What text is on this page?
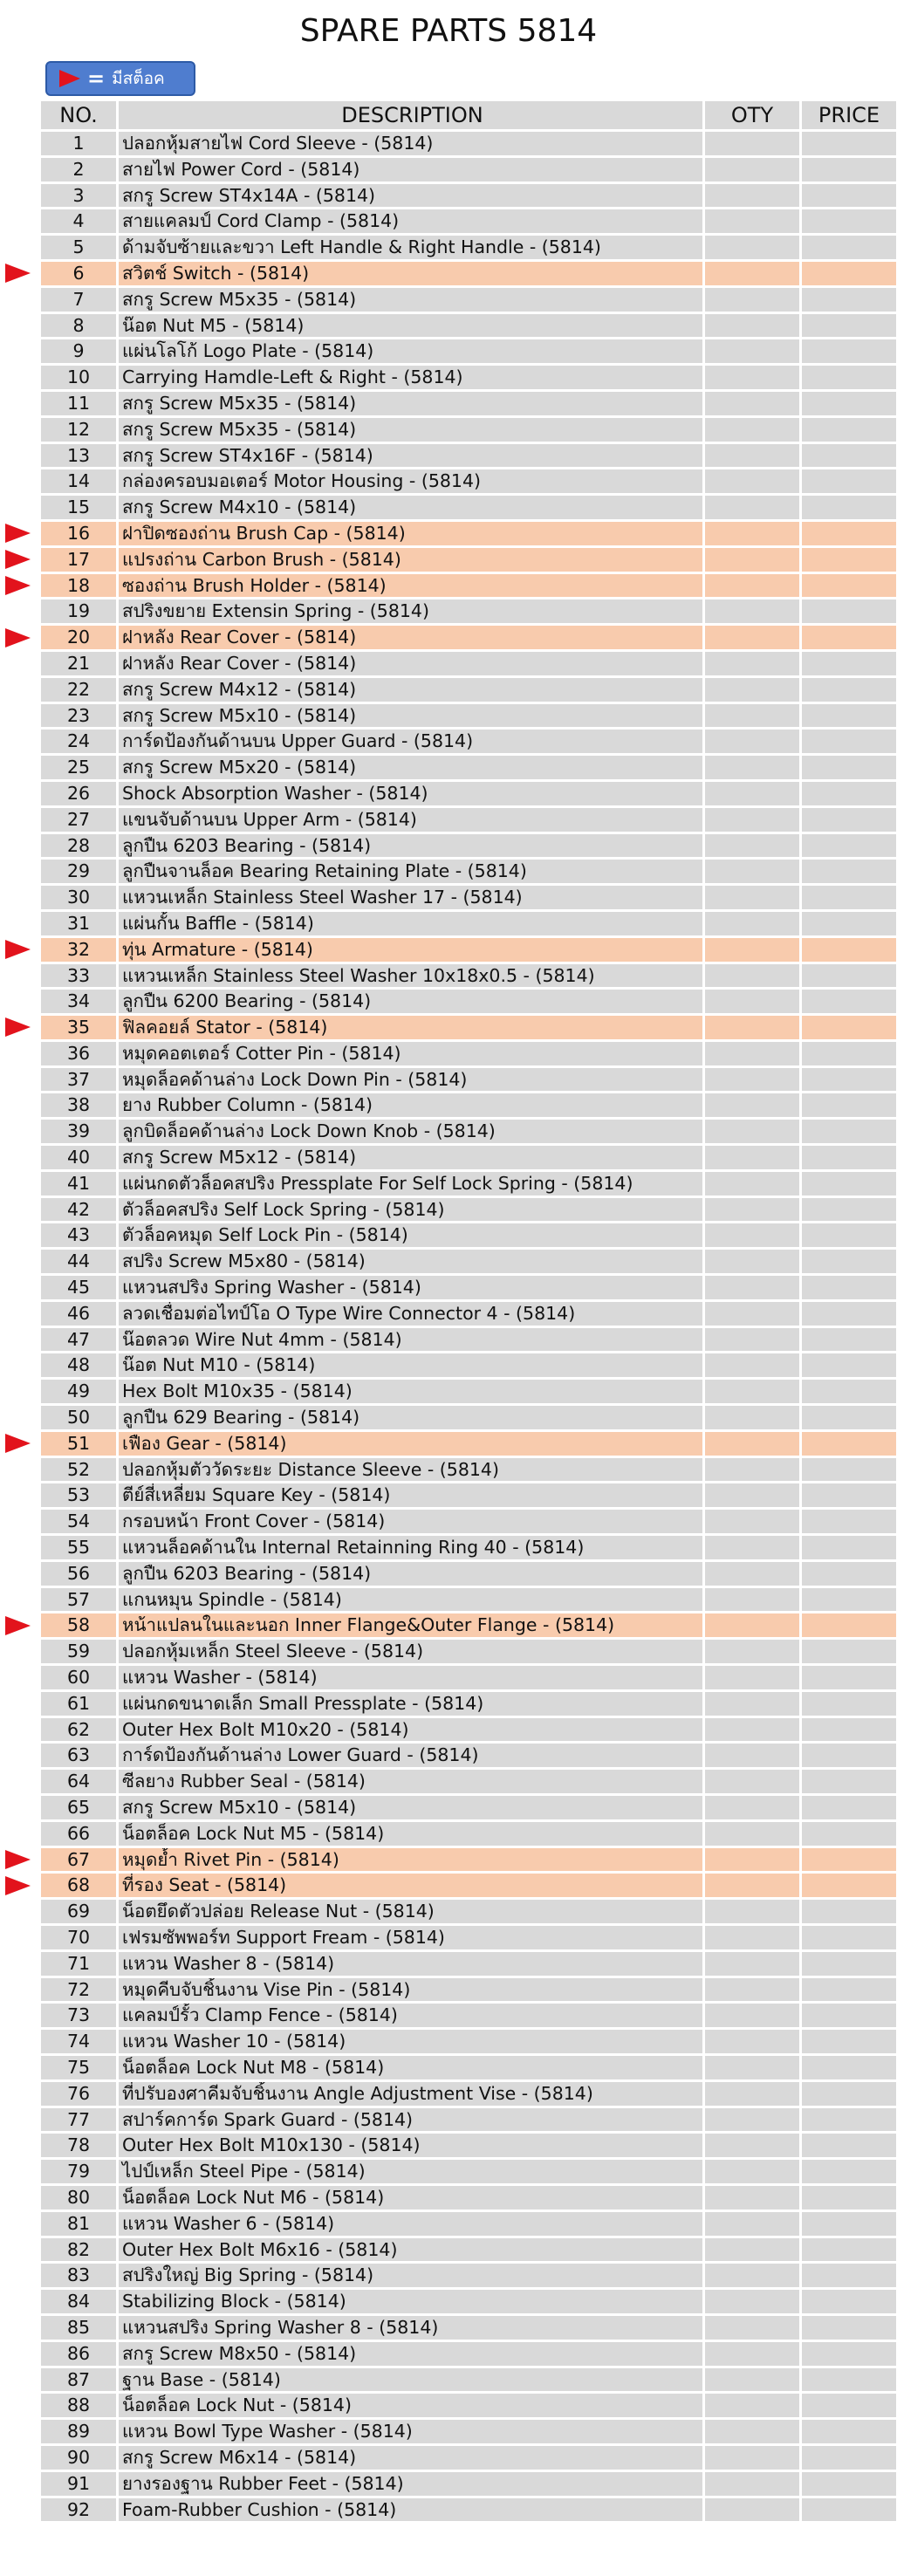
SPARE PARTS 5814
= มีสต็อค
NO.	DESCRIPTION	OTY	PRICE
1	ปลอกหุ้มสายไฟ Cord Sleeve - (5814)		
2	สายไฟ Power Cord - (5814)		
3	สกรู Screw ST4x14A - (5814)		
4	สายแคลมป์ Cord Clamp - (5814)		
5	ด้ามจับซ้ายและขวา Left Handle & Right Handle - (5814)		
6	สวิตช์ Switch - (5814)		
7	สกรู Screw M5x35 - (5814)		
8	น๊อต Nut M5 - (5814)		
9	แผ่นโลโก้ Logo Plate - (5814)		
10	Carrying Hamdle-Left & Right - (5814)		
11	สกรู Screw M5x35 - (5814)		
12	สกรู Screw M5x35 - (5814)		
13	สกรู Screw ST4x16F - (5814)		
14	กล่องครอบมอเตอร์ Motor Housing - (5814)		
15	สกรู Screw M4x10 - (5814)		
16	ฝาปิดซองถ่าน Brush Cap - (5814)		
17	แปรงถ่าน Carbon Brush - (5814)		
18	ซองถ่าน Brush Holder - (5814)		
19	สปริงขยาย Extensin Spring - (5814)		
20	ฝาหลัง Rear Cover - (5814)		
21	ฝาหลัง Rear Cover - (5814)		
22	สกรู Screw M4x12 - (5814)		
23	สกรู Screw M5x10 - (5814)		
24	การ์ดป้องกันด้านบน Upper Guard - (5814)		
25	สกรู Screw M5x20 - (5814)		
26	Shock Absorption Washer - (5814)		
27	แขนจับด้านบน Upper Arm - (5814)		
28	ลูกปืน 6203 Bearing - (5814)		
29	ลูกปืนจานล็อค Bearing Retaining Plate - (5814)		
30	แหวนเหล็ก Stainless Steel Washer 17 - (5814)		
31	แผ่นกั้น Baffle - (5814)		
32	ทุ่น Armature - (5814)		
33	แหวนเหล็ก Stainless Steel Washer 10x18x0.5 - (5814)		
34	ลูกปืน 6200 Bearing - (5814)		
35	ฟิลคอยล์ Stator - (5814)		
36	หมุดคอตเตอร์ Cotter Pin - (5814)		
37	หมุดล็อคด้านล่าง Lock Down Pin - (5814)		
38	ยาง Rubber Column - (5814)		
39	ลูกบิดล็อคด้านล่าง Lock Down Knob - (5814)		
40	สกรู Screw M5x12 - (5814)		
41	แผ่นกดตัวล็อคสปริง Pressplate For Self Lock Spring - (5814)		
42	ตัวล็อคสปริง Self Lock Spring - (5814)		
43	ตัวล็อคหมุด Self Lock Pin - (5814)		
44	สปริง Screw M5x80 - (5814)		
45	แหวนสปริง Spring Washer - (5814)		
46	ลวดเชื่อมต่อไทป์โอ O Type Wire Connector 4 - (5814)		
47	น๊อตลวด Wire Nut 4mm - (5814)		
48	น๊อต Nut M10 - (5814)		
49	Hex Bolt M10x35 - (5814)		
50	ลูกปืน 629 Bearing - (5814)		
51	เฟือง Gear - (5814)		
52	ปลอกหุ้มตัววัดระยะ Distance Sleeve - (5814)		
53	ตีย์สี่เหลี่ยม Square Key - (5814)		
54	กรอบหน้า Front Cover - (5814)		
55	แหวนล็อคด้านใน Internal Retainning Ring 40 - (5814)		
56	ลูกปืน 6203 Bearing - (5814)		
57	แกนหมุน Spindle - (5814)		
58	หน้าแปลนในและนอก Inner Flange&Outer Flange - (5814)		
59	ปลอกหุ้มเหล็ก Steel Sleeve - (5814)		
60	แหวน Washer - (5814)		
61	แผ่นกดขนาดเล็ก Small Pressplate - (5814)		
62	Outer Hex Bolt M10x20 - (5814)		
63	การ์ดป้องกันด้านล่าง Lower Guard - (5814)		
64	ซีลยาง Rubber Seal - (5814)		
65	สกรู Screw M5x10 - (5814)		
66	น็อตล็อค Lock Nut M5 - (5814)		
67	หมุดย้ำ Rivet Pin - (5814)		
68	ที่รอง Seat - (5814)		
69	น็อตยึดตัวปล่อย Release Nut - (5814)		
70	เฟรมซัพพอร์ท Support Fream - (5814)		
71	แหวน Washer 8 - (5814)		
72	หมุดคีบจับชิ้นงาน Vise Pin - (5814)		
73	แคลมป์รั้ว Clamp Fence - (5814)		
74	แหวน Washer 10 - (5814)		
75	น็อตล็อค Lock Nut M8 - (5814)		
76	ที่ปรับองศาคีมจับชิ้นงาน Angle Adjustment Vise - (5814)		
77	สปาร์คการ์ด Spark Guard - (5814)		
78	Outer Hex Bolt M10x130 - (5814)		
79	ไปป์เหล็ก Steel Pipe - (5814)		
80	น็อตล็อค Lock Nut M6 - (5814)		
81	แหวน Washer 6 - (5814)		
82	Outer Hex Bolt M6x16 - (5814)		
83	สปริงใหญ่ Big Spring - (5814)		
84	Stabilizing Block - (5814)		
85	แหวนสปริง Spring Washer 8 - (5814)		
86	สกรู Screw M8x50 - (5814)		
87	ฐาน Base - (5814)		
88	น็อตล็อค Lock Nut - (5814)		
89	แหวน Bowl Type Washer - (5814)		
90	สกรู Screw M6x14 - (5814)		
91	ยางรองฐาน Rubber Feet - (5814)		
92	Foam-Rubber Cushion - (5814)		
